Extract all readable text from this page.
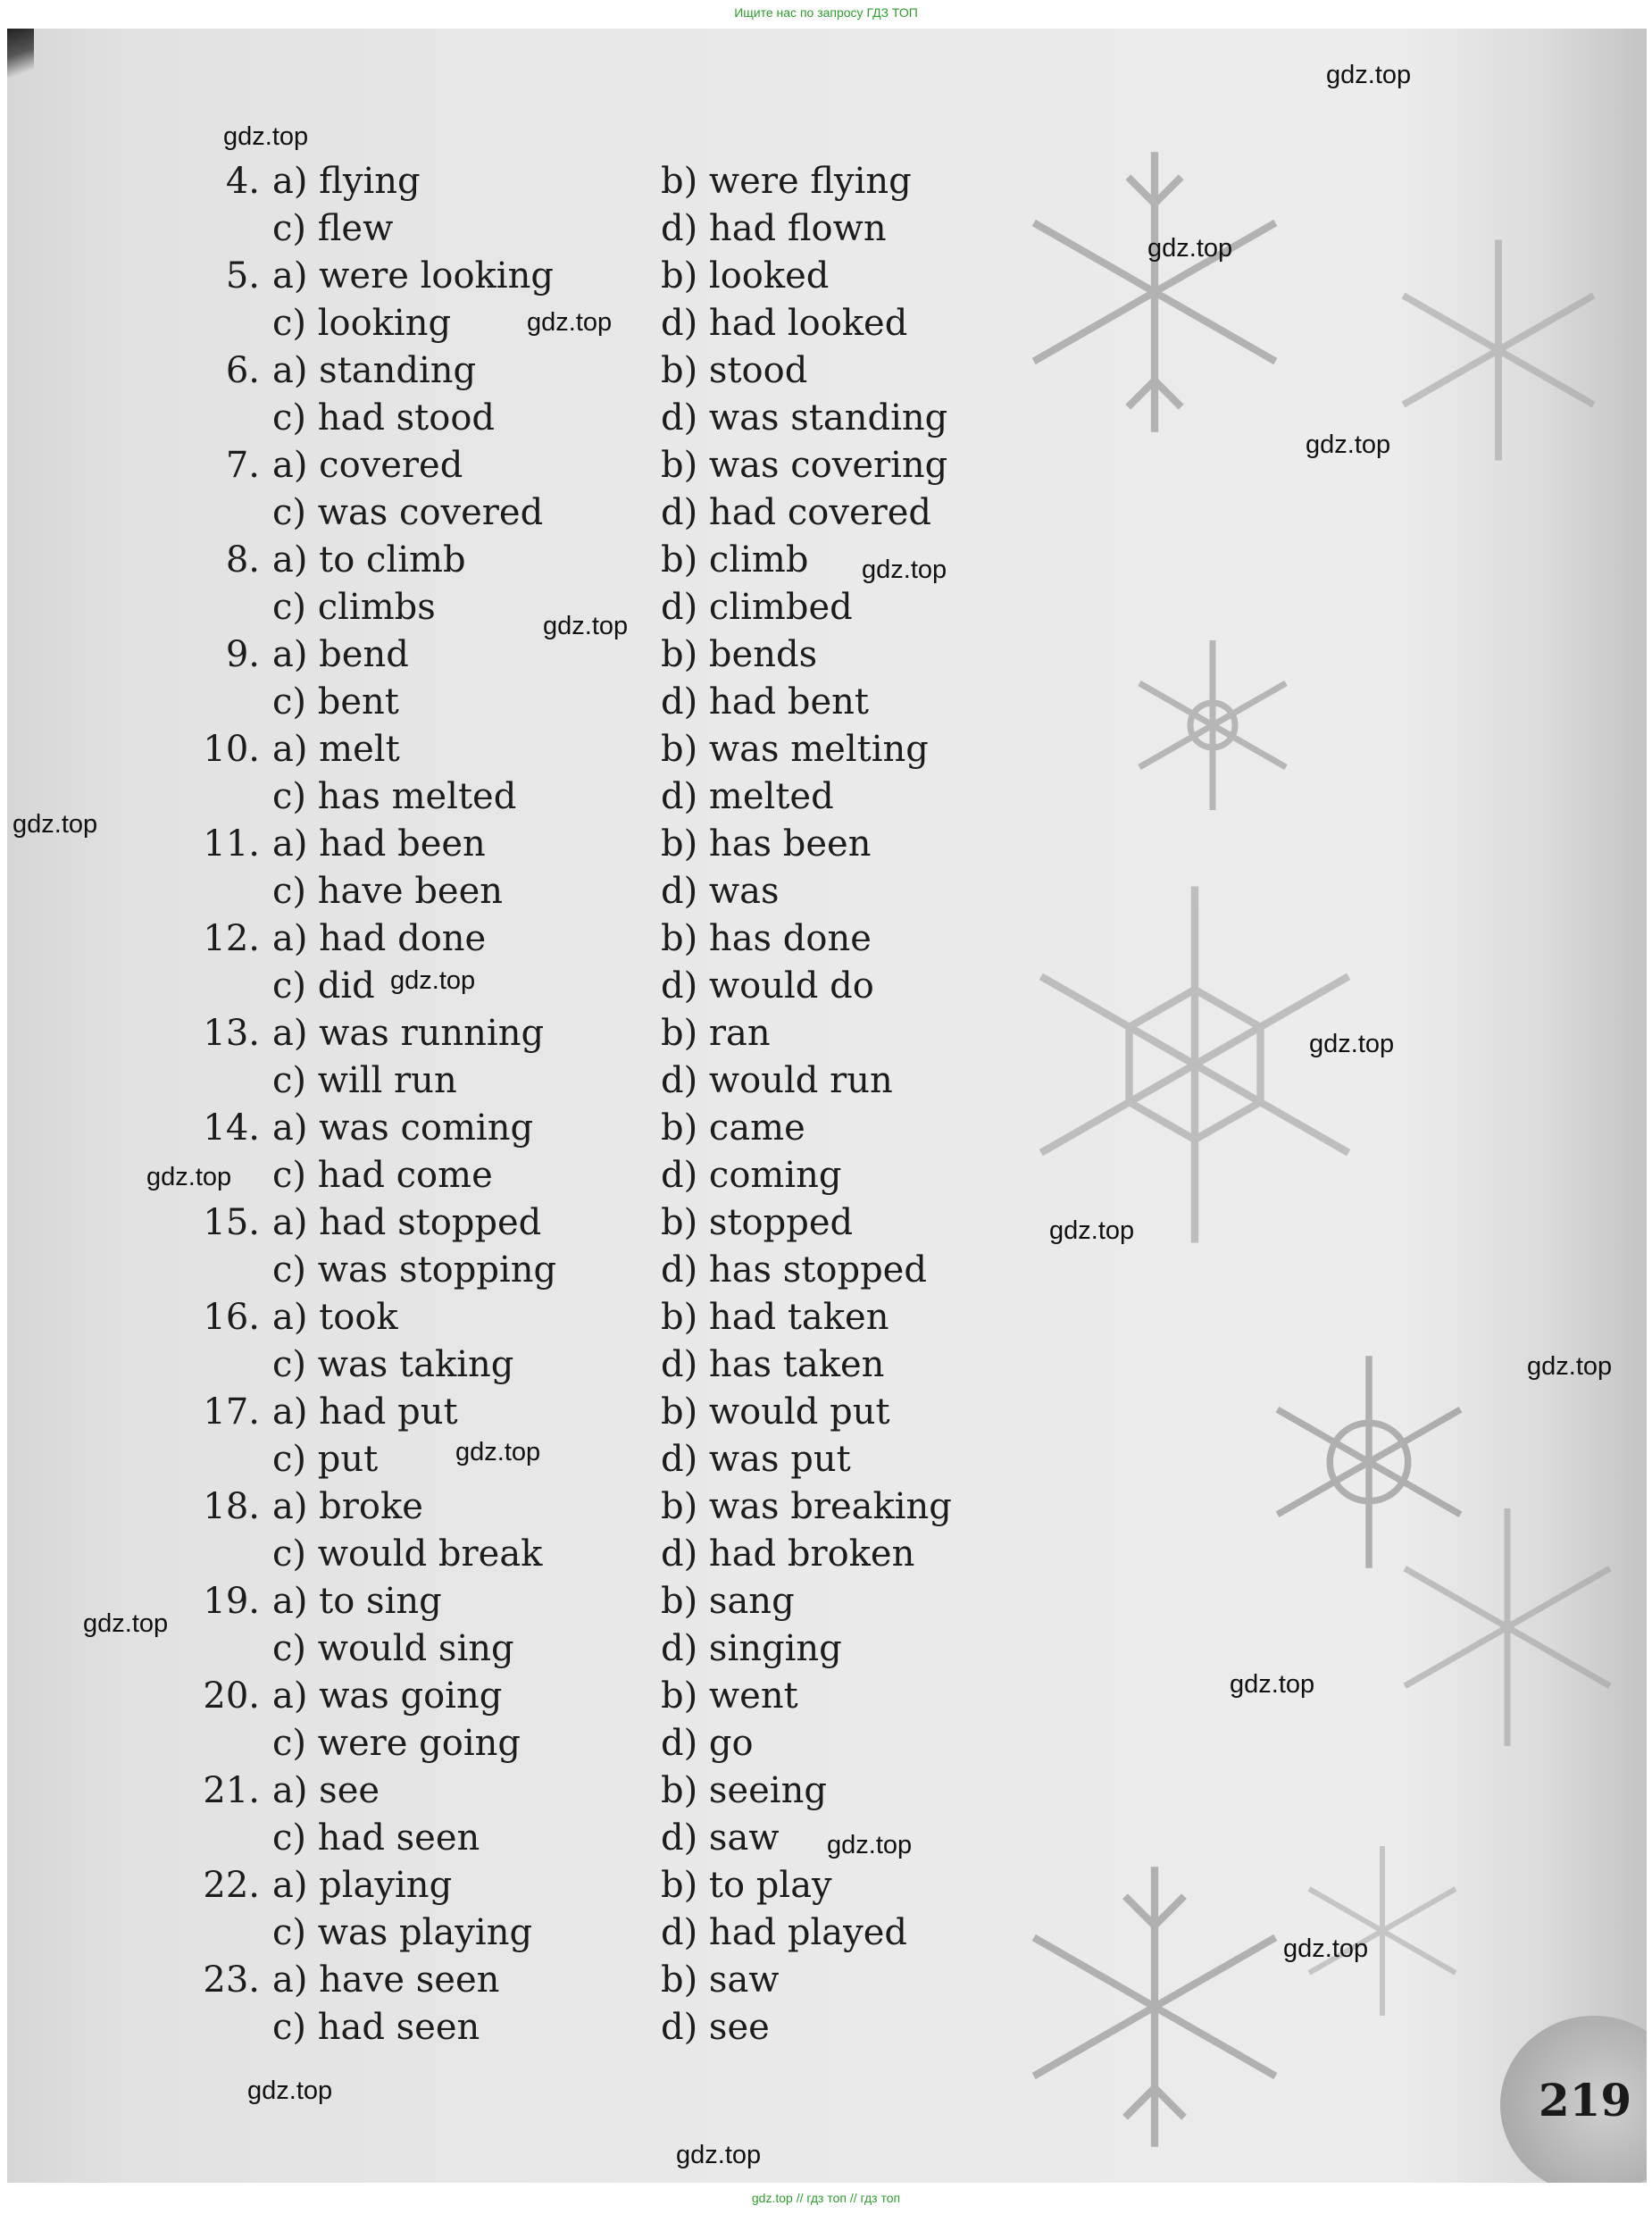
Ищите нас по запросу ГДЗ ТОП
219
4. a) flying	b) were flying
c) flew	d) had flown
5. a) were looking	b) looked
c) looking	d) had looked
6. a) standing	b) stood
c) had stood	d) was standing
7. a) covered	b) was covering
c) was covered	d) had covered
8. a) to climb	b) climb
c) climbs	d) climbed
9. a) bend	b) bends
c) bent	d) had bent
10. a) melt	b) was melting
c) has melted	d) melted
11. a) had been	b) has been
c) have been	d) was
12. a) had done	b) has done
c) did	d) would do
13. a) was running	b) ran
c) will run	d) would run
14. a) was coming	b) came
c) had come	d) coming
15. a) had stopped	b) stopped
c) was stopping	d) has stopped
16. a) took	b) had taken
c) was taking	d) has taken
17. a) had put	b) would put
c) put	d) was put
18. a) broke	b) was breaking
c) would break	d) had broken
19. a) to sing	b) sang
c) would sing	d) singing
20. a) was going	b) went
c) were going	d) go
21. a) see	b) seeing
c) had seen	d) saw
22. a) playing	b) to play
c) was playing	d) had played
23. a) have seen	b) saw
c) had seen	d) see
gdz.top
gdz.top
gdz.top
gdz.top
gdz.top
gdz.top
gdz.top
gdz.top
gdz.top
gdz.top
gdz.top
gdz.top
gdz.top
gdz.top
gdz.top
gdz.top
gdz.top
gdz.top
gdz.top
gdz.top
gdz.top // гдз топ // гдз топ
